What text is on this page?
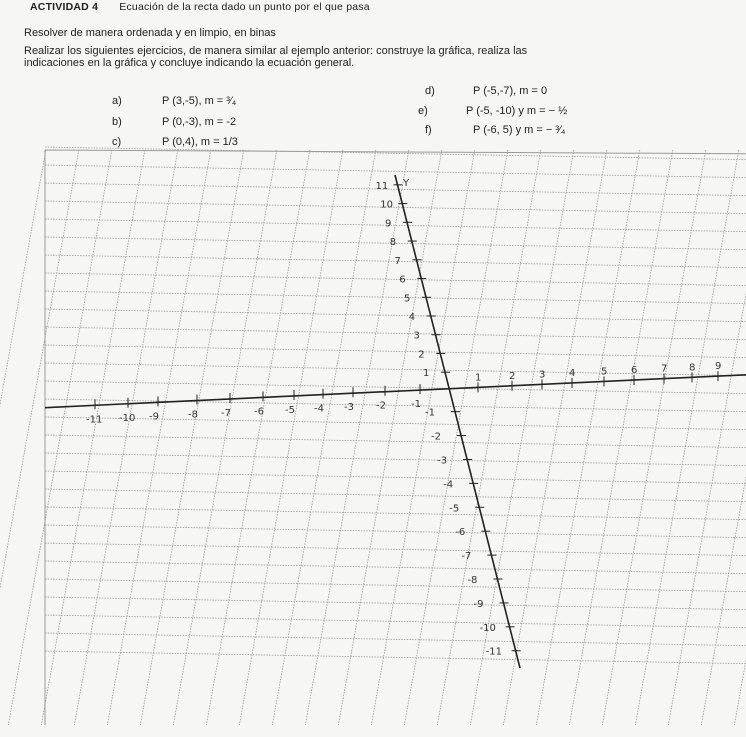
ACTIVIDAD 4 Ecuación de la recta dado un punto por el que pasa
Resolver de manera ordenada y en limpio, en binas
Realizar los siguientes ejercicios, de manera similar al ejemplo anterior: construye la gráfica, realiza las
indicaciones en la gráfica y concluye indicando la ecuación general.
a)	P (3,-5), m = ³⁄₄
b)	P (0,-3), m = -2
c)	P (0,4), m = 1/3
d)	P (-5,-7), m = 0
e)	P (-5, -10) y m = − ½
f)	P (-6, 5) y m = − ³⁄₄
Y
11
10
9
8
7
6
5
4
3
2
1
-1
-2
-3
-4
-5
-6
-7
-8
-9
-10
-11
-11 -10 -9	-8 -7 -6 -5 -4 -3 -2	-1
1	2 3 4	5 6 7 8 9
